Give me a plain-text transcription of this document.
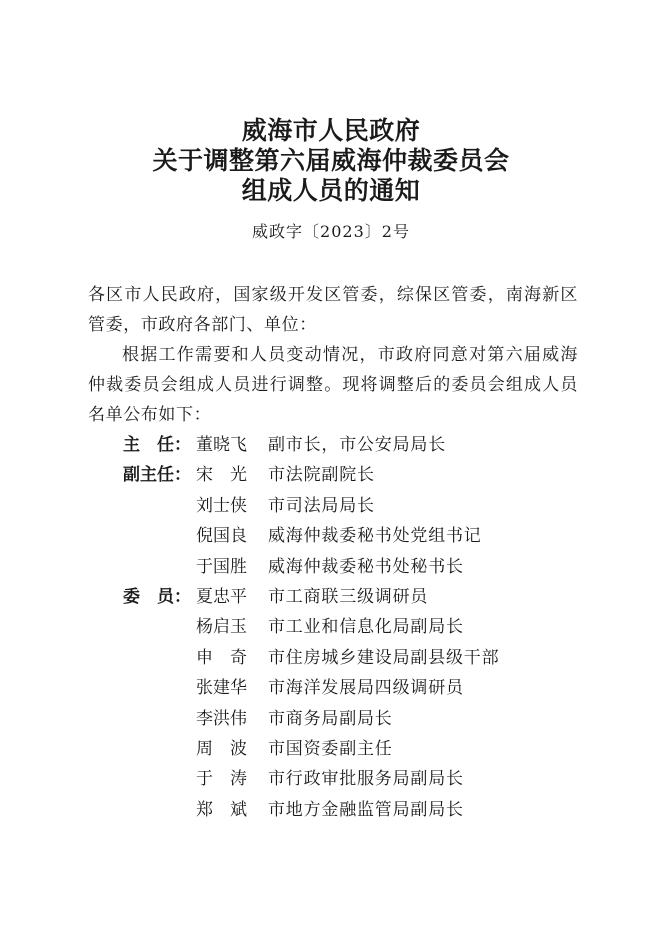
威海市人民政府
关于调整第六届威海仲裁委员会
组成人员的通知
威政字〔2023〕2号
各区市人民政府，国家级开发区管委，综保区管委，南海新区管委，市政府各部门、单位：
根据工作需要和人员变动情况，市政府同意对第六届威海仲裁委员会组成人员进行调整。现将调整后的委员会组成人员名单公布如下：
主　任： 董晓飞 副市长，市公安局局长
副主任： 宋　光 市法院副院长
刘士侠 市司法局局长
倪国良 威海仲裁委秘书处党组书记
于国胜 威海仲裁委秘书处秘书长
委　员： 夏忠平 市工商联三级调研员
杨启玉 市工业和信息化局副局长
申　奇 市住房城乡建设局副县级干部
张建华 市海洋发展局四级调研员
李洪伟 市商务局副局长
周　波 市国资委副主任
于　涛 市行政审批服务局副局长
郑　斌 市地方金融监管局副局长
